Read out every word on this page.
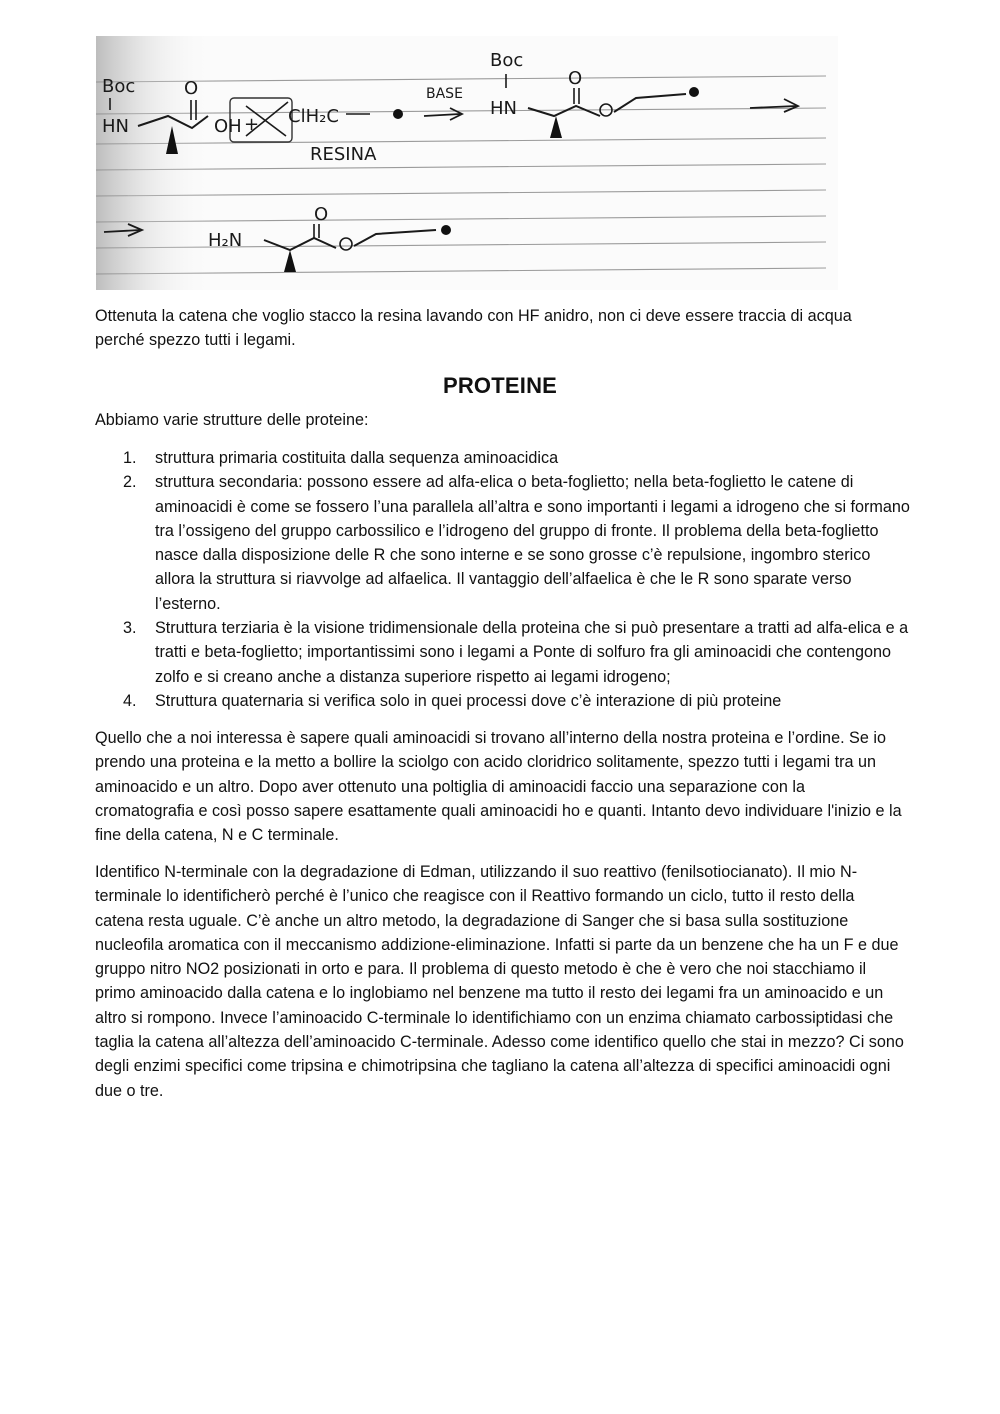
Boc
HN
O
OH + ClH₂C
RESINA
BASE
Boc
HN
O
H₂N
O
Ottenuta la catena che voglio stacco la resina lavando con HF anidro, non ci deve essere traccia di acqua perché spezzo tutti i legami.
PROTEINE
Abbiamo varie strutture delle proteine:
1. struttura primaria costituita dalla sequenza aminoacidica
2. struttura secondaria: possono essere ad alfa-elica o beta-foglietto; nella beta-foglietto le catene di aminoacidi è come se fossero l’una parallela all’altra e sono importanti i legami a idrogeno che si formano tra l’ossigeno del gruppo carbossilico e l’idrogeno del gruppo di fronte. Il problema della beta-foglietto nasce dalla disposizione delle R che sono interne e se sono grosse c’è repulsione, ingombro sterico allora la struttura si riavvolge ad alfaelica. Il vantaggio dell’alfaelica è che le R sono sparate verso l’esterno.
3. Struttura terziaria è la visione tridimensionale della proteina che si può presentare a tratti ad alfa-elica e a tratti e beta-foglietto; importantissimi sono i legami a Ponte di solfuro fra gli aminoacidi che contengono zolfo e si creano anche a distanza superiore rispetto ai legami idrogeno;
4. Struttura quaternaria si verifica solo in quei processi dove c’è interazione di più proteine
Quello che a noi interessa è sapere quali aminoacidi si trovano all’interno della nostra proteina e l’ordine. Se io prendo una proteina e la metto a bollire la sciolgo con acido cloridrico solitamente, spezzo tutti i legami tra un aminoacido e un altro. Dopo aver ottenuto una poltiglia di aminoacidi faccio una separazione con la cromatografia e così posso sapere esattamente quali aminoacidi ho e quanti. Intanto devo individuare l'inizio e la fine della catena, N e C terminale.
Identifico N-terminale con la degradazione di Edman, utilizzando il suo reattivo (fenilsotiocianato). Il mio N-terminale lo identificherò perché è l’unico che reagisce con il Reattivo formando un ciclo, tutto il resto della catena resta uguale. C’è anche un altro metodo, la degradazione di Sanger che si basa sulla sostituzione nucleofila aromatica con il meccanismo addizione-eliminazione. Infatti si parte da un benzene che ha un F e due gruppo nitro NO2 posizionati in orto e para. Il problema di questo metodo è che è vero che noi stacchiamo il primo aminoacido dalla catena e lo inglobiamo nel benzene ma tutto il resto dei legami fra un aminoacido e un altro si rompono. Invece l’aminoacido C-terminale lo identifichiamo con un enzima chiamato carbossiptidasi che taglia la catena all’altezza dell’aminoacido C-terminale. Adesso come identifico quello che stai in mezzo? Ci sono degli enzimi specifici come tripsina e chimotripsina che tagliano la catena all’altezza di specifici aminoacidi ogni due o tre.
